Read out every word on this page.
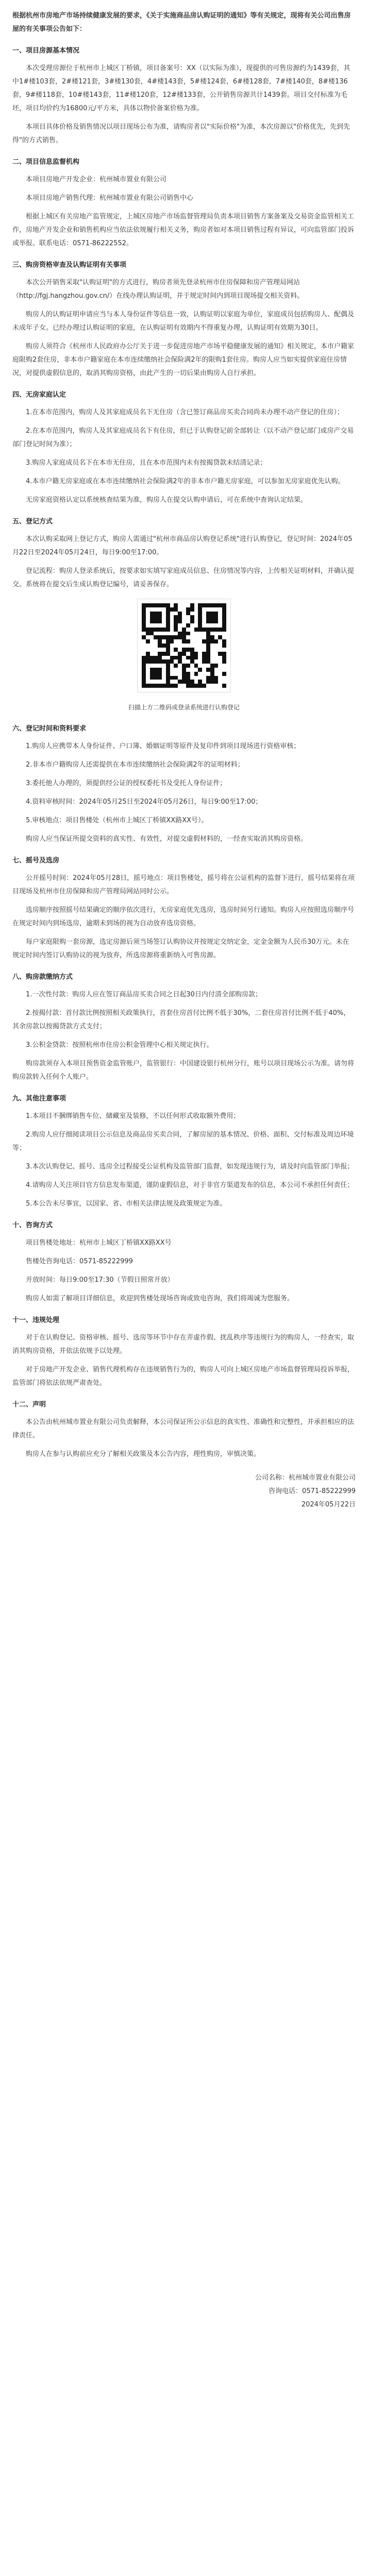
根据杭州市房地产市场持续健康发展的要求，《关于实施商品房认购证明的通知》等有关规定，现将有关公司出售房屋的有关事项公告如下：

一、项目房源基本情况

本次受理房源位于杭州市上城区丁桥镇，项目备案号：XX（以实际为准），现提供的可售房源约为1439套，其中1#楼103套，2#楼121套，3#楼130套，4#楼143套，5#楼124套，6#楼128套，7#楼140套，8#楼136套，9#楼118套，10#楼143套，11#楼120套，12#楼133套，公开销售房源共计1439套。项目交付标准为毛坯，项目均价约为16800元/平方米，具体以物价备案价格为准。

本项目具体价格及销售情况以项目现场公布为准，请购房者以"实际价格"为准，本次房源以"价格优先，先到先得"的方式销售。

二、项目信息监督机构

本项目房地产开发企业：杭州城市置业有限公司

本项目房地产销售代理：杭州城市置业有限公司销售中心

根据上城区有关房地产监管规定，上城区房地产市场监督管理局负责本项目销售方案备案及交易资金监管相关工作，房地产开发企业和销售机构应当依法依规履行相关义务，购房者如对本项目销售过程有异议，可向监管部门投诉或举报。联系电话：0571-86222552。

三、购房资格审查及认购证明有关事项

本次公开销售采取"认购证明"的方式进行，购房者须先登录杭州市住房保障和房产管理局网站（http://fgj.hangzhou.gov.cn/）在线办理认购证明，并于规定时间内到项目现场提交相关资料。

购房人的认购证明申请应当与本人身份证件等信息一致，认购证明以家庭为单位，家庭成员包括购房人、配偶及未成年子女。已经办理过认购证明的家庭，在认购证明有效期内不得重复办理，认购证明有效期为30日。

购房人须符合《杭州市人民政府办公厅关于进一步促进房地产市场平稳健康发展的通知》相关规定，本市户籍家庭限购2套住房，非本市户籍家庭在本市连续缴纳社会保险满2年的限购1套住房。购房人应当如实提供家庭住房情况，对提供虚假信息的，取消其购房资格，由此产生的一切后果由购房人自行承担。

四、无房家庭认定

1.在本市范围内，购房人及其家庭成员名下无住房（含已签订商品房买卖合同尚未办理不动产登记的住房）；

2.在本市范围内，购房人及其家庭成员名下有住房，但已于认购登记前全部转让（以不动产登记部门或房产交易部门登记时间为准）；

3.购房人家庭成员名下在本市无住房，且在本市范围内未有按揭贷款未结清记录；

4.本市户籍无房家庭或在本市连续缴纳社会保险满2年的非本市户籍无房家庭，可以参加无房家庭优先认购。

无房家庭资格认定以系统核查结果为准，购房人在提交认购申请后，可在系统中查询认定结果。

五、登记方式

本次认购采取网上登记方式，购房人需通过"杭州市商品房认购登记系统"进行认购登记，登记时间：2024年05月22日至2024年05月24日，每日9:00至17:00。

登记流程：购房人登录系统后，按要求如实填写家庭成员信息、住房情况等内容，上传相关证明材料，并确认提交。系统将在提交后生成认购登记编号，请妥善保存。

扫描上方二维码或登录系统进行认购登记

六、登记时间和资料要求

1.购房人应携带本人身份证件、户口簿、婚姻证明等原件及复印件到项目现场进行资格审核；

2.非本市户籍购房人还需提供在本市连续缴纳社会保险满2年的证明材料；

3.委托他人办理的，须提供经公证的授权委托书及受托人身份证件；

4.资料审核时间：2024年05月25日至2024年05月26日，每日9:00至17:00；

5.审核地点：项目售楼处（杭州市上城区丁桥镇XX路XX号）。

购房人应当保证所提交资料的真实性、有效性，对提交虚假材料的，一经查实取消其购房资格。

七、摇号及选房

公开摇号时间：2024年05月28日，摇号地点：项目售楼处，摇号将在公证机构的监督下进行，摇号结果将在项目现场及杭州市住房保障和房产管理局网站同时公示。

选房顺序按照摇号结果确定的顺序依次进行，无房家庭优先选房，选房时间另行通知。购房人应按照选房顺序号在规定时间内到场选房，逾期未到场的视为自动放弃选房资格。

每户家庭限购一套房源，选定房源后须当场签订认购协议并按规定交纳定金，定金金额为人民币30万元。未在规定时间内签订认购协议的视为放弃，所选房源将重新纳入可售房源。

八、购房款缴纳方式

1.一次性付款：购房人应在签订商品房买卖合同之日起30日内付清全部购房款；

2.按揭付款：首付款比例按照相关政策执行，首套住房首付比例不低于30%，二套住房首付比例不低于40%，其余房款以按揭贷款方式支付；

3.公积金贷款：按照杭州市住房公积金管理中心相关规定执行。

购房款须存入本项目预售资金监管账户，监管银行：中国建设银行杭州分行，账号以项目现场公示为准。请勿将购房款转入任何个人账户。

九、其他注意事项

1.本项目不捆绑销售车位、储藏室及装修，不以任何形式收取额外费用；

2.购房人应仔细阅读项目公示信息及商品房买卖合同，了解房屋的基本情况、价格、面积、交付标准及周边环境等；

3.本次认购登记、摇号、选房全过程接受公证机构及监管部门监督，如发现违规行为，请及时向监管部门举报；

4.请购房人关注项目官方信息发布渠道，谨防虚假信息，对于非官方渠道发布的信息，本公司不承担任何责任；

5.本公告未尽事宜，以国家、省、市相关法律法规及政策规定为准。

十、咨询方式

项目售楼处地址：杭州市上城区丁桥镇XX路XX号

售楼处咨询电话：0571-85222999

开放时间：每日9:00至17:30（节假日照常开放）

购房人如需了解项目详细信息，欢迎到售楼处现场咨询或致电咨询，我们将竭诚为您服务。

十一、违规处理

对于在认购登记、资格审核、摇号、选房等环节中存在弄虚作假、扰乱秩序等违规行为的购房人，一经查实，取消其购房资格，并依法依规予以处理。

对于房地产开发企业、销售代理机构存在违规销售行为的，购房人可向上城区房地产市场监督管理局投诉举报，监管部门将依法依规严肃查处。

十二、声明

本公告由杭州城市置业有限公司负责解释，本公司保证所公示信息的真实性、准确性和完整性，并承担相应的法律责任。

购房人在参与认购前应充分了解相关政策及本公告内容，理性购房，审慎决策。

公司名称：杭州城市置业有限公司

咨询电话：0571-85222999

2024年05月22日
